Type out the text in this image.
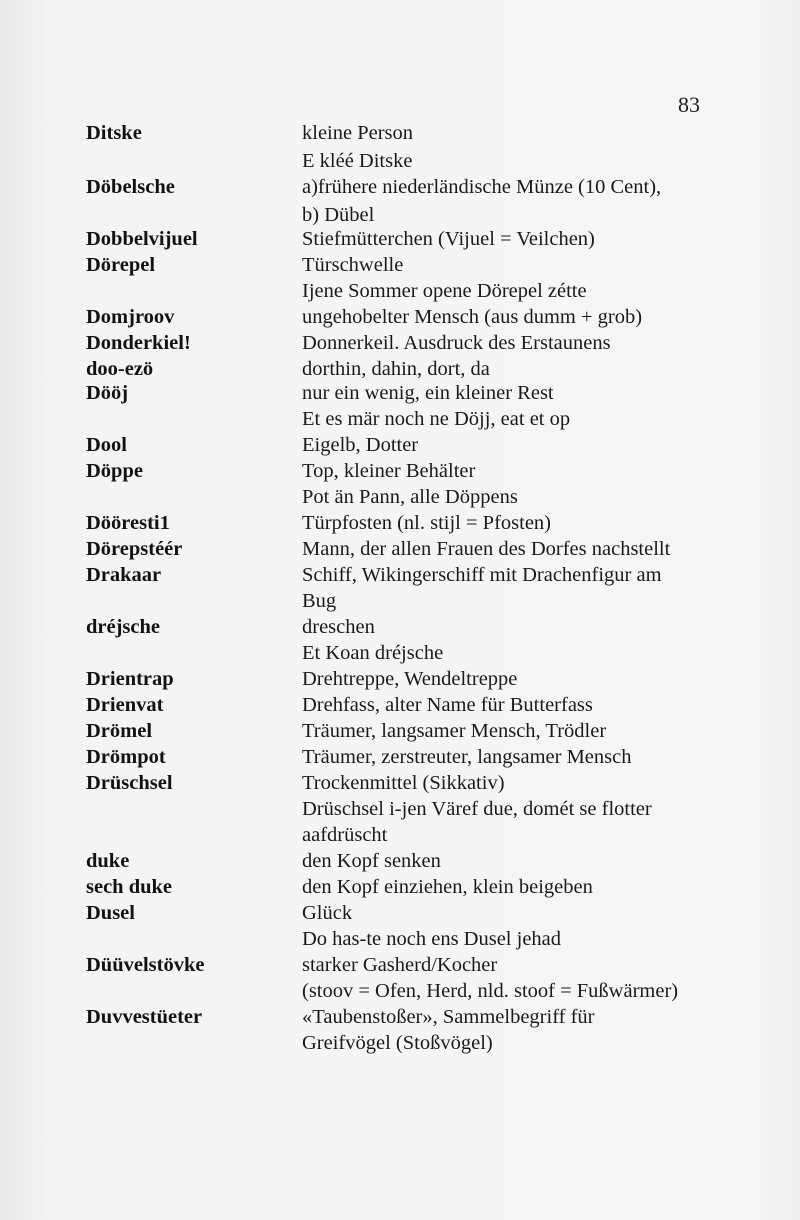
83
Ditske	kleine Person
E kléé Ditske
Döbelsche	a)frühere niederländische Münze (10 Cent),
b) Dübel
Dobbelvijuel	Stiefmütterchen (Vijuel = Veilchen)
Dörepel	Türschwelle
Ijene Sommer opene Dörepel zétte
Domjroov	ungehobelter Mensch (aus dumm + grob)
Donderkiel!	Donnerkeil. Ausdruck des Erstaunens
doo-ezö	dorthin, dahin, dort, da
Dööj	nur ein wenig, ein kleiner Rest
Et es mär noch ne Döjj, eat et op
Dool	Eigelb, Dotter
Döppe	Top, kleiner Behälter
Pot än Pann, alle Döppens
Dööresti1	Türpfosten (nl. stijl = Pfosten)
Dörepstéér	Mann, der allen Frauen des Dorfes nachstellt
Drakaar	Schiff, Wikingerschiff mit Drachenfigur am
Bug
dréjsche	dreschen
Et Koan dréjsche
Drientrap	Drehtreppe, Wendeltreppe
Drienvat	Drehfass, alter Name für Butterfass
Drömel	Träumer, langsamer Mensch, Trödler
Drömpot	Träumer, zerstreuter, langsamer Mensch
Drüschsel	Trockenmittel (Sikkativ)
Drüschsel i-jen Väref due, domét se flotter
aafdrüscht
duke	den Kopf senken
sech duke	den Kopf einziehen, klein beigeben
Dusel	Glück
Do has-te noch ens Dusel jehad
Düüvelstövke	starker Gasherd/Kocher
(stoov = Ofen, Herd, nld. stoof = Fußwärmer)
Duvvestüeter	«Taubenstoßer», Sammelbegriff für
Greifvögel (Stoßvögel)
